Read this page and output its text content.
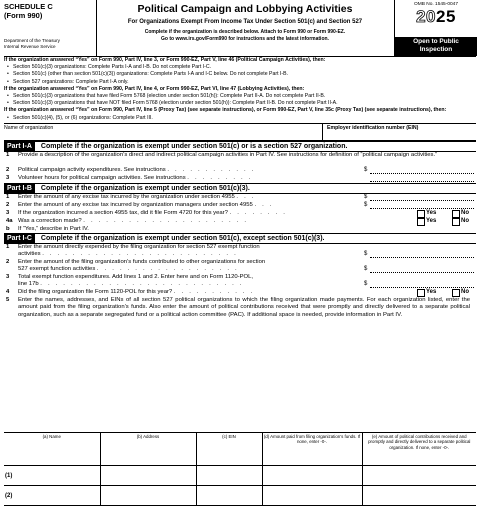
SCHEDULE C
(Form 990)
Department of the Treasury
Internal Revenue Service
Political Campaign and Lobbying Activities
For Organizations Exempt From Income Tax Under Section 501(c) and Section 527
Complete if the organization is described below. Attach to Form 990 or Form 990-EZ.
Go to www.irs.gov/Form990 for instructions and the latest information.
OMB No. 1545-0047
2025
Open to Public
Inspection
If the organization answered “Yes” on Form 990, Part IV, line 3, or Form 990-EZ, Part V, line 46 (Political Campaign Activities), then:
• Section 501(c)(3) organizations: Complete Parts I-A and I-B. Do not complete Part I-C.
• Section 501(c) (other than section 501(c)(3)) organizations: Complete Parts I-A and I-C below. Do not complete Part I-B.
• Section 527 organizations: Complete Part I-A only.
If the organization answered “Yes” on Form 990, Part IV, line 4, or Form 990-EZ, Part VI, line 47 (Lobbying Activities), then:
• Section 501(c)(3) organizations that have filed Form 5768 (election under section 501(h)): Complete Part II-A. Do not complete Part II-B.
• Section 501(c)(3) organizations that have NOT filed Form 5768 (election under section 501(h)): Complete Part II-B. Do not complete Part II-A.
If the organization answered “Yes” on Form 990, Part IV, line 5 (Proxy Tax) (see separate instructions), or Form 990-EZ, Part V, line 35c (Proxy Tax) (see separate instructions), then:
• Section 501(c)(4), (5), or (6) organizations: Complete Part III.
Name of organization	Employer identification number (EIN)
Part I-A Complete if the organization is exempt under section 501(c) or is a section 527 organization.
1 Provide a description of the organization’s direct and indirect political campaign activities in Part IV. See instructions for definition of “political campaign activities.”
2 Political campaign activity expenditures. See instructions . . . . . . . . . . . .	$
3 Volunteer hours for political campaign activities. See instructions . . . . . . . . .
Part I-B Complete if the organization is exempt under section 501(c)(3).
1 Enter the amount of any excise tax incurred by the organization under section 4955 . . .	$
2 Enter the amount of any excise tax incurred by organization managers under section 4955 . . .	$
3 If the organization incurred a section 4955 tax, did it file Form 4720 for this year? . . . . . . . .	Yes	No
4a Was a correction made? . . . . . . . . . . . . . . . . . . . . . .	Yes	No
b If “Yes,” describe in Part IV.
Part I-C Complete if the organization is exempt under section 501(c), except section 501(c)(3).
1 Enter the amount directly expended by the filing organization for section 527 exempt function
activities . . . . . . . . . . . . . . . . . . . . . . . . . .	$
2 Enter the amount of the filing organization’s funds contributed to other organizations for section
527 exempt function activities . . . . . . . . . . . . . . . . . . .	$
3 Total exempt function expenditures. Add lines 1 and 2. Enter here and on Form 1120-POL,
line 17b . . . . . . . . . . . . . . . . . . . . . . . . . . .	$
4 Did the filing organization file Form 1120-POL for this year? . . . . . . . . . . .	Yes	No
5 Enter the names, addresses, and EINs of all section 527 political organizations to which the filing organization made payments. For each organization listed, enter the amount paid from the filing organization’s funds. Also enter the amount of political contributions received that were promptly and directly delivered to a separate political organization, such as a separate segregated fund or a political action committee (PAC). If additional space is needed, provide information in Part IV.
(a) Name	(b) Address	(c) EIN	(d) Amount paid from filing organization’s funds. If none, enter -0-.	(e) Amount of political contributions received and promptly and directly delivered to a separate political organization. If none, enter -0-.
(1)				
(2)				
